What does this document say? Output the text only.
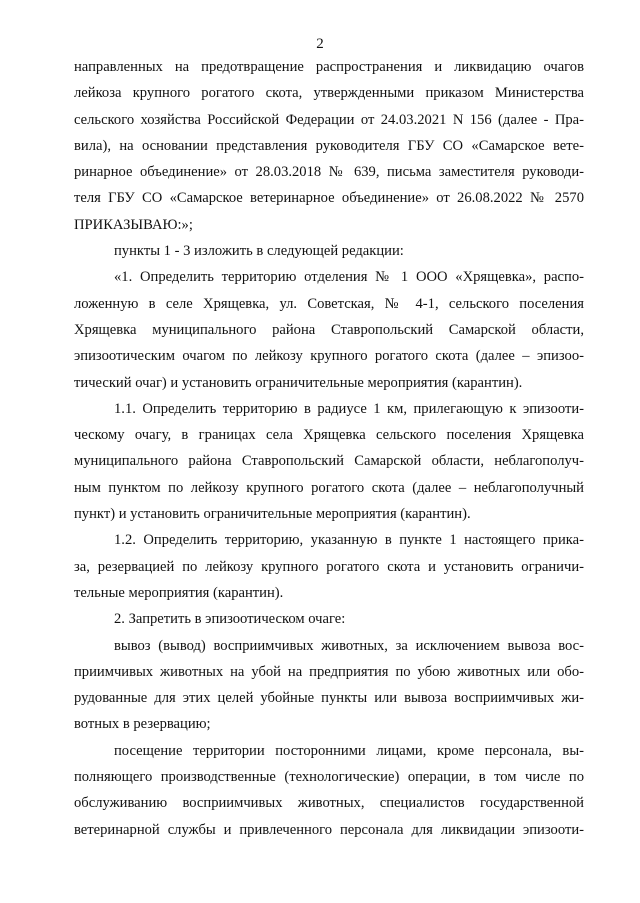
2
направленных на предотвращение распространения и ликвидацию очагов
лейкоза крупного рогатого скота, утвержденными приказом Министерства
сельского хозяйства Российской Федерации от 24.03.2021 N 156 (далее - Пра-
вила), на основании представления руководителя ГБУ СО «Самарское вете-
ринарное объединение» от 28.03.2018 № 639, письма заместителя руководи-
теля ГБУ СО «Самарское ветеринарное объединение» от 26.08.2022 № 2570
ПРИКАЗЫВАЮ:»;
пункты 1 - 3 изложить в следующей редакции:
«1. Определить территорию отделения № 1 ООО «Хрящевка», распо-
ложенную в селе Хрящевка, ул. Советская, № 4-1, сельского поселения
Хрящевка муниципального района Ставропольский Самарской области,
эпизоотическим очагом по лейкозу крупного рогатого скота (далее – эпизоо-
тический очаг) и установить ограничительные мероприятия (карантин).
1.1. Определить территорию в радиусе 1 км, прилегающую к эпизооти-
ческому очагу, в границах села Хрящевка сельского поселения Хрящевка
муниципального района Ставропольский Самарской области, неблагополуч-
ным пунктом по лейкозу крупного рогатого скота (далее – неблагополучный
пункт) и установить ограничительные мероприятия (карантин).
1.2. Определить территорию, указанную в пункте 1 настоящего прика-
за, резервацией по лейкозу крупного рогатого скота и установить ограничи-
тельные мероприятия (карантин).
2. Запретить в эпизоотическом очаге:
вывоз (вывод) восприимчивых животных, за исключением вывоза вос-
приимчивых животных на убой на предприятия по убою животных или обо-
рудованные для этих целей убойные пункты или вывоза восприимчивых жи-
вотных в резервацию;
посещение территории посторонними лицами, кроме персонала, вы-
полняющего производственные (технологические) операции, в том числе по
обслуживанию восприимчивых животных, специалистов государственной
ветеринарной службы и привлеченного персонала для ликвидации эпизооти-
